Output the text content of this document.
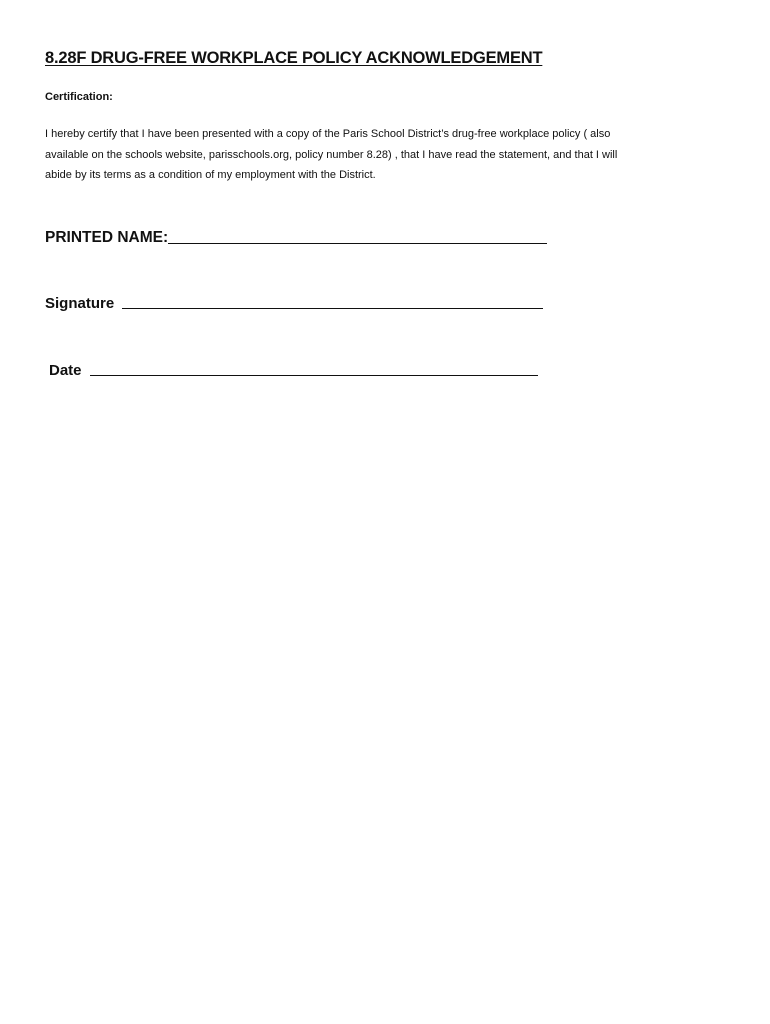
8.28F DRUG-FREE WORKPLACE POLICY ACKNOWLEDGEMENT
Certification:
I hereby certify that I have been presented with a copy of the Paris School District’s drug-free workplace policy ( also
available on the schools website, parisschools.org, policy number 8.28) , that I have read the statement, and that I will
abide by its terms as a condition of my employment with the District.
PRINTED NAME:
Signature
Date
